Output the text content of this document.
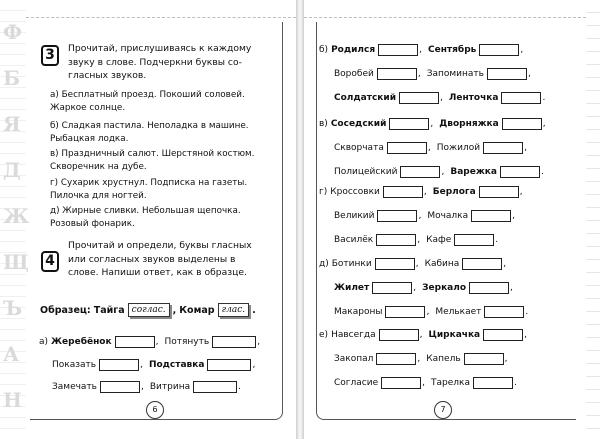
Ф
Б
Я
Д
Ж
Щ
Ъ
А
Н
3	Прочитай, прислушиваясь к каждому
звуку в слове. Подчеркни буквы со-
гласных звуков.
а) Бесплатный проезд. Покоший соловей.
Жаркое солнце.
б) Сладкая пастила. Неполадка в машине.
Рыбацкая лодка.
в) Праздничный салют. Шерстяной костюм.
Скворечник на дубе.
г) Сухарик хрустнул. Подписка на газеты.
Пилочка для ногтей.
д) Жирные сливки. Небольшая щепочка.
Розовый фонарик.
4
Прочитай и определи, буквы гласных
или согласных звуков выделены в
слове. Напиши ответ, как в образце.
Образец: Тайга соглас. , Комар глас. .
а) Жеребёнок	, Потянуть	,
Показать	, Подставка	,
Замечать	, Витрина	.
6
б) Родился	, Сентябрь	,
Воробей	, Запоминать	,
Солдатский	, Ленточка	.
в) Соседский	, Дворняжка	,
Скворчата	, Пожилой	,
Полицейский	, Варежка	.
г) Кроссовки	, Берлога	,
Великий	, Мочалка	,
Василёк	, Кафе	.
д) Ботинки	, Кабина	,
Жилет	, Зеркало	,
Макароны	, Мелькает	.
е) Навсегда	, Циркачка	,
Закопал	, Капель	,
Согласие	, Тарелка	.
7
